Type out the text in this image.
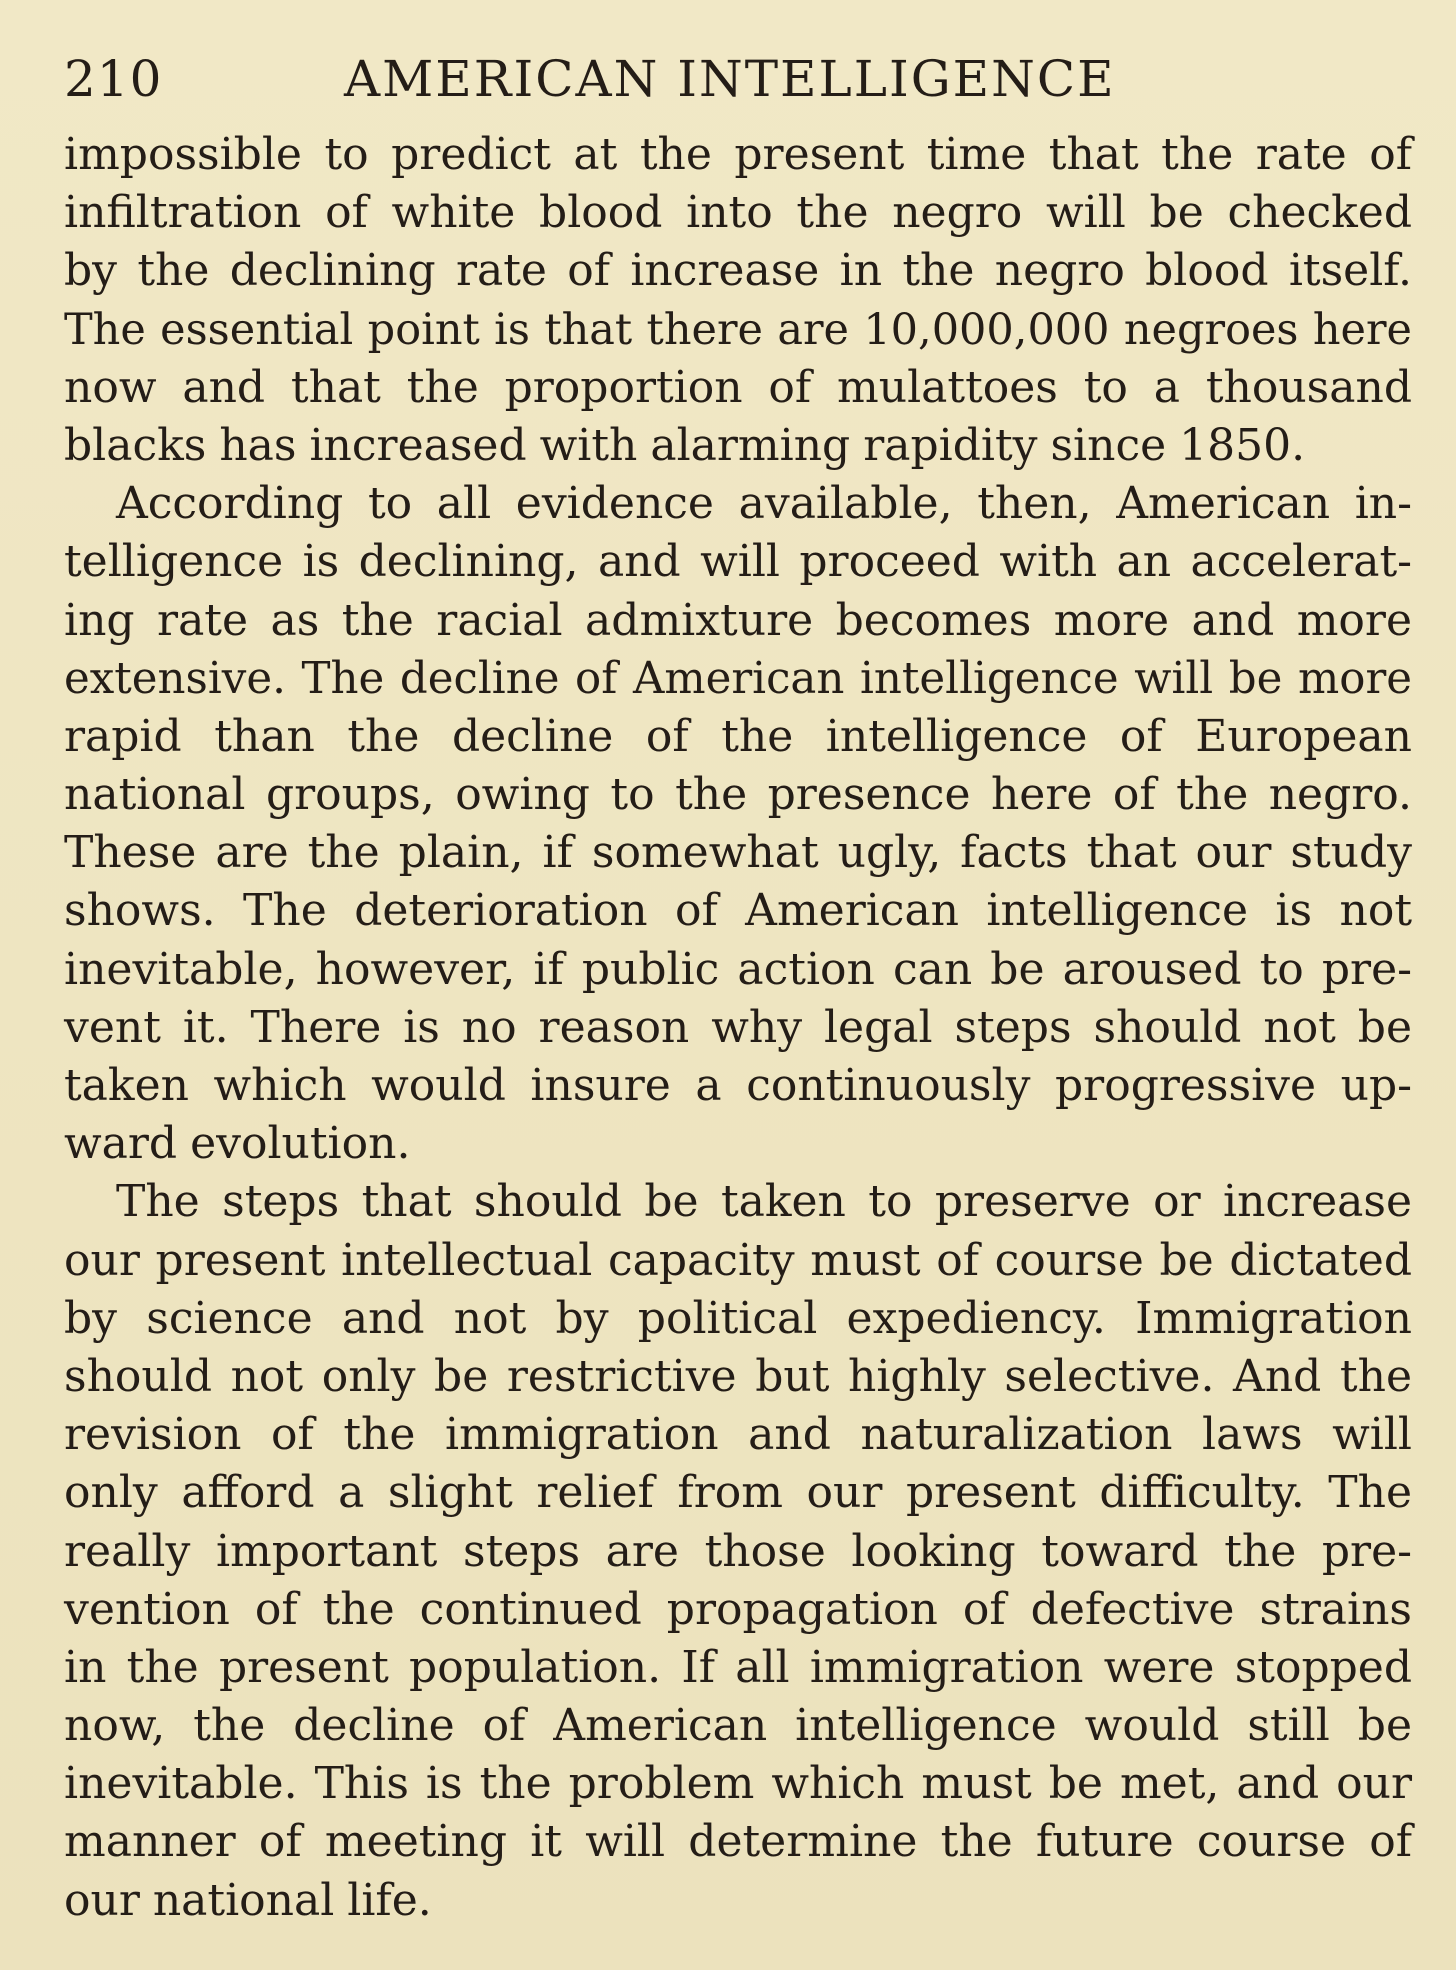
210	AMERICAN INTELLIGENCE
impossible to predict at the present time that the rate of
infiltration of white blood into the negro will be checked
by the declining rate of increase in the negro blood itself.
The essential point is that there are 10,000,000 negroes here
now and that the proportion of mulattoes to a thousand
blacks has increased with alarming rapidity since 1850.
According to all evidence available, then, American in-
telligence is declining, and will proceed with an accelerat-
ing rate as the racial admixture becomes more and more
extensive. The decline of American intelligence will be more
rapid than the decline of the intelligence of European
national groups, owing to the presence here of the negro.
These are the plain, if somewhat ugly, facts that our study
shows. The deterioration of American intelligence is not
inevitable, however, if public action can be aroused to pre-
vent it. There is no reason why legal steps should not be
taken which would insure a continuously progressive up-
ward evolution.
The steps that should be taken to preserve or increase
our present intellectual capacity must of course be dictated
by science and not by political expediency. Immigration
should not only be restrictive but highly selective. And the
revision of the immigration and naturalization laws will
only afford a slight relief from our present difficulty. The
really important steps are those looking toward the pre-
vention of the continued propagation of defective strains
in the present population. If all immigration were stopped
now, the decline of American intelligence would still be
inevitable. This is the problem which must be met, and our
manner of meeting it will determine the future course of
our national life.
